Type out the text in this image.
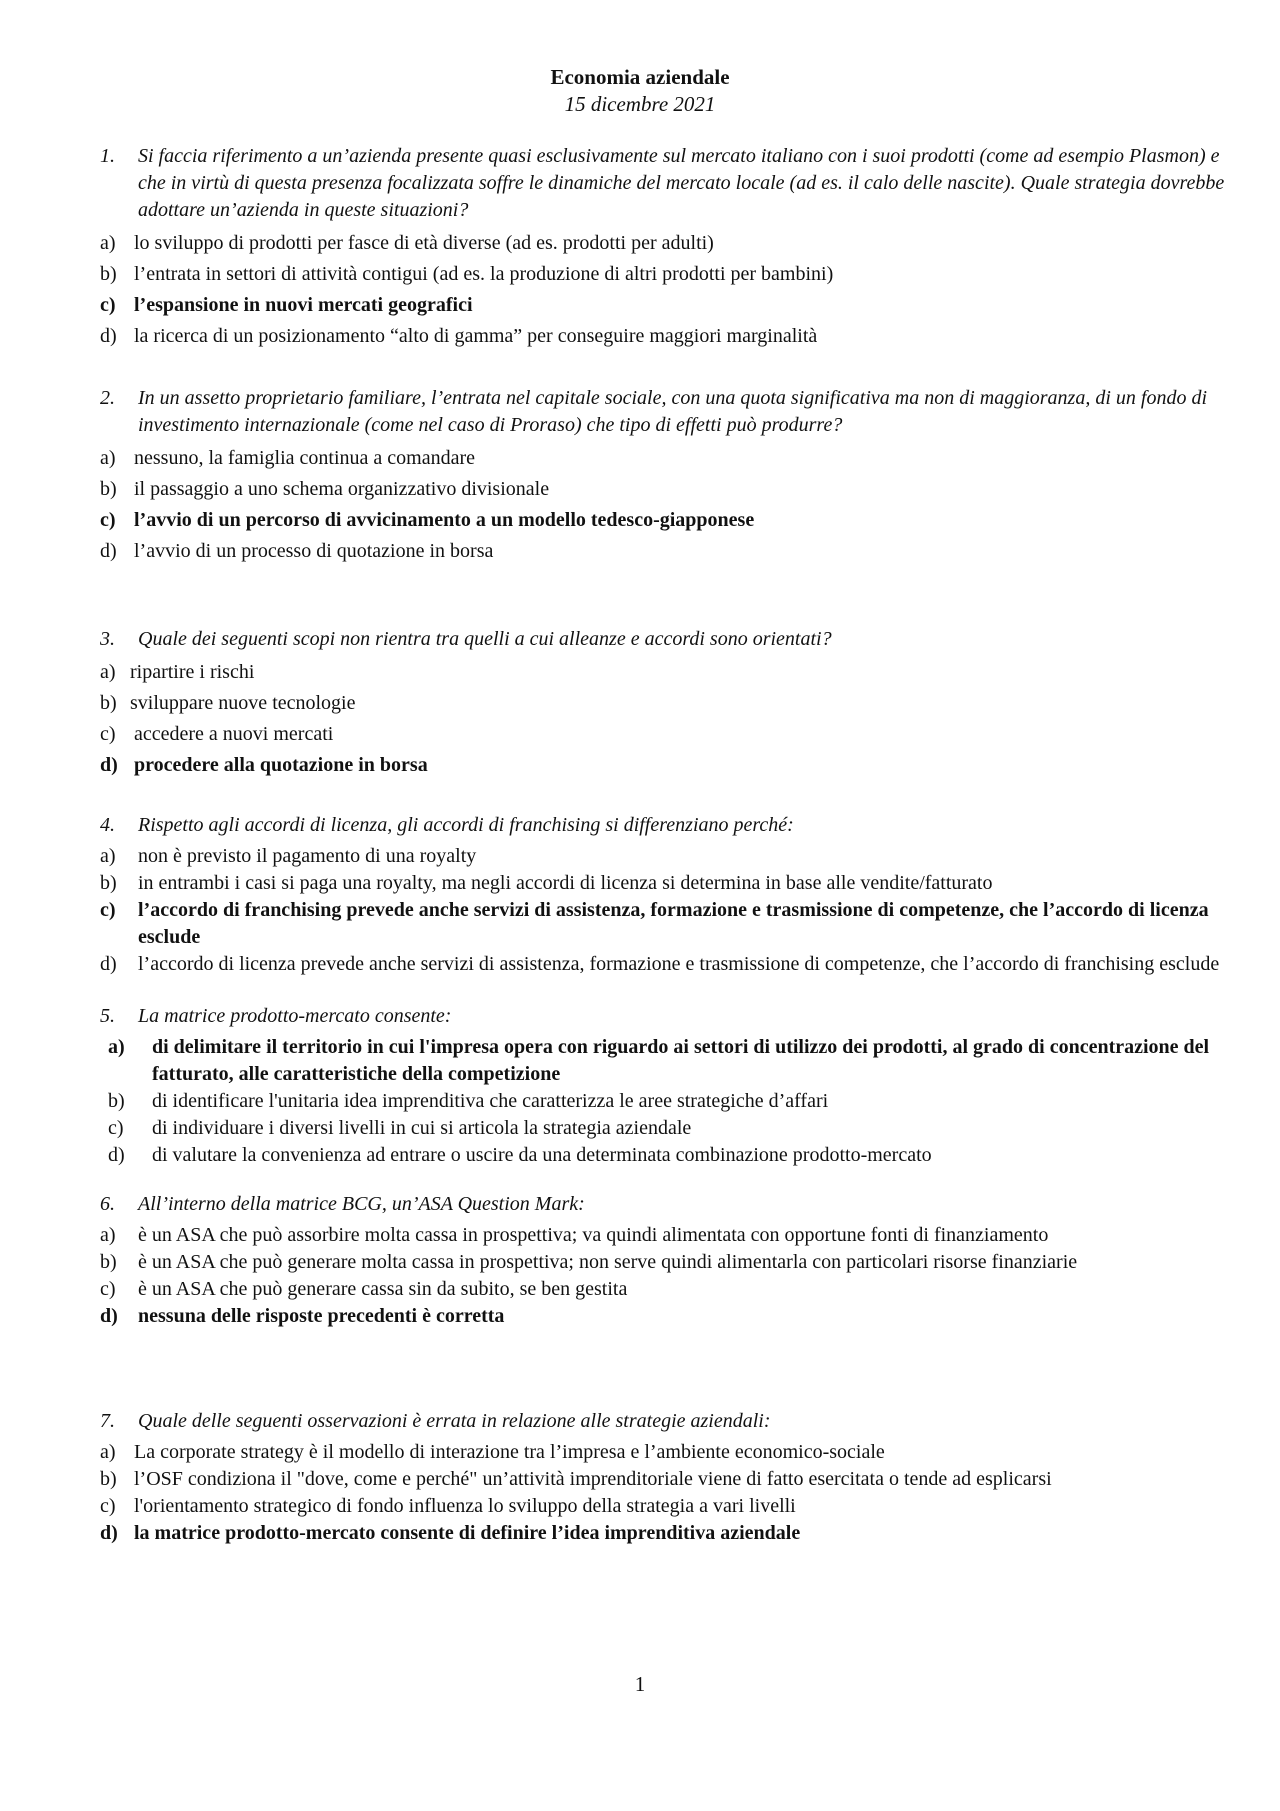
Economia aziendale
15 dicembre 2021
1. Si faccia riferimento a un’azienda presente quasi esclusivamente sul mercato italiano con i suoi prodotti (come ad esempio Plasmon) e che in virtù di questa presenza focalizzata soffre le dinamiche del mercato locale (ad es. il calo delle nascite). Quale strategia dovrebbe adottare un’azienda in queste situazioni?
a) lo sviluppo di prodotti per fasce di età diverse (ad es. prodotti per adulti)
b) l’entrata in settori di attività contigui (ad es. la produzione di altri prodotti per bambini)
c) l’espansione in nuovi mercati geografici
d) la ricerca di un posizionamento “alto di gamma” per conseguire maggiori marginalità
2. In un assetto proprietario familiare, l’entrata nel capitale sociale, con una quota significativa ma non di maggioranza, di un fondo di investimento internazionale (come nel caso di Proraso) che tipo di effetti può produrre?
a) nessuno, la famiglia continua a comandare
b) il passaggio a uno schema organizzativo divisionale
c) l’avvio di un percorso di avvicinamento a un modello tedesco-giapponese
d) l’avvio di un processo di quotazione in borsa
3. Quale dei seguenti scopi non rientra tra quelli a cui alleanze e accordi sono orientati?
a) ripartire i rischi
b) sviluppare nuove tecnologie
c) accedere a nuovi mercati
d) procedere alla quotazione in borsa
4. Rispetto agli accordi di licenza, gli accordi di franchising si differenziano perché:
a) non è previsto il pagamento di una royalty
b) in entrambi i casi si paga una royalty, ma negli accordi di licenza si determina in base alle vendite/fatturato
c) l’accordo di franchising prevede anche servizi di assistenza, formazione e trasmissione di competenze, che l’accordo di licenza esclude
d) l’accordo di licenza prevede anche servizi di assistenza, formazione e trasmissione di competenze, che l’accordo di franchising esclude
5. La matrice prodotto-mercato consente:
a) di delimitare il territorio in cui l'impresa opera con riguardo ai settori di utilizzo dei prodotti, al grado di concentrazione del fatturato, alle caratteristiche della competizione
b) di identificare l'unitaria idea imprenditiva che caratterizza le aree strategiche d’affari
c) di individuare i diversi livelli in cui si articola la strategia aziendale
d) di valutare la convenienza ad entrare o uscire da una determinata combinazione prodotto-mercato
6. All’interno della matrice BCG, un’ASA Question Mark:
a) è un ASA che può assorbire molta cassa in prospettiva; va quindi alimentata con opportune fonti di finanziamento
b) è un ASA che può generare molta cassa in prospettiva; non serve quindi alimentarla con particolari risorse finanziarie
c) è un ASA che può generare cassa sin da subito, se ben gestita
d) nessuna delle risposte precedenti è corretta
7. Quale delle seguenti osservazioni è errata in relazione alle strategie aziendali:
a) La corporate strategy è il modello di interazione tra l’impresa e l’ambiente economico-sociale
b) l’OSF condiziona il "dove, come e perché" un’attività imprenditoriale viene di fatto esercitata o tende ad esplicarsi
c) l'orientamento strategico di fondo influenza lo sviluppo della strategia a vari livelli
d) la matrice prodotto-mercato consente di definire l’idea imprenditiva aziendale
1
